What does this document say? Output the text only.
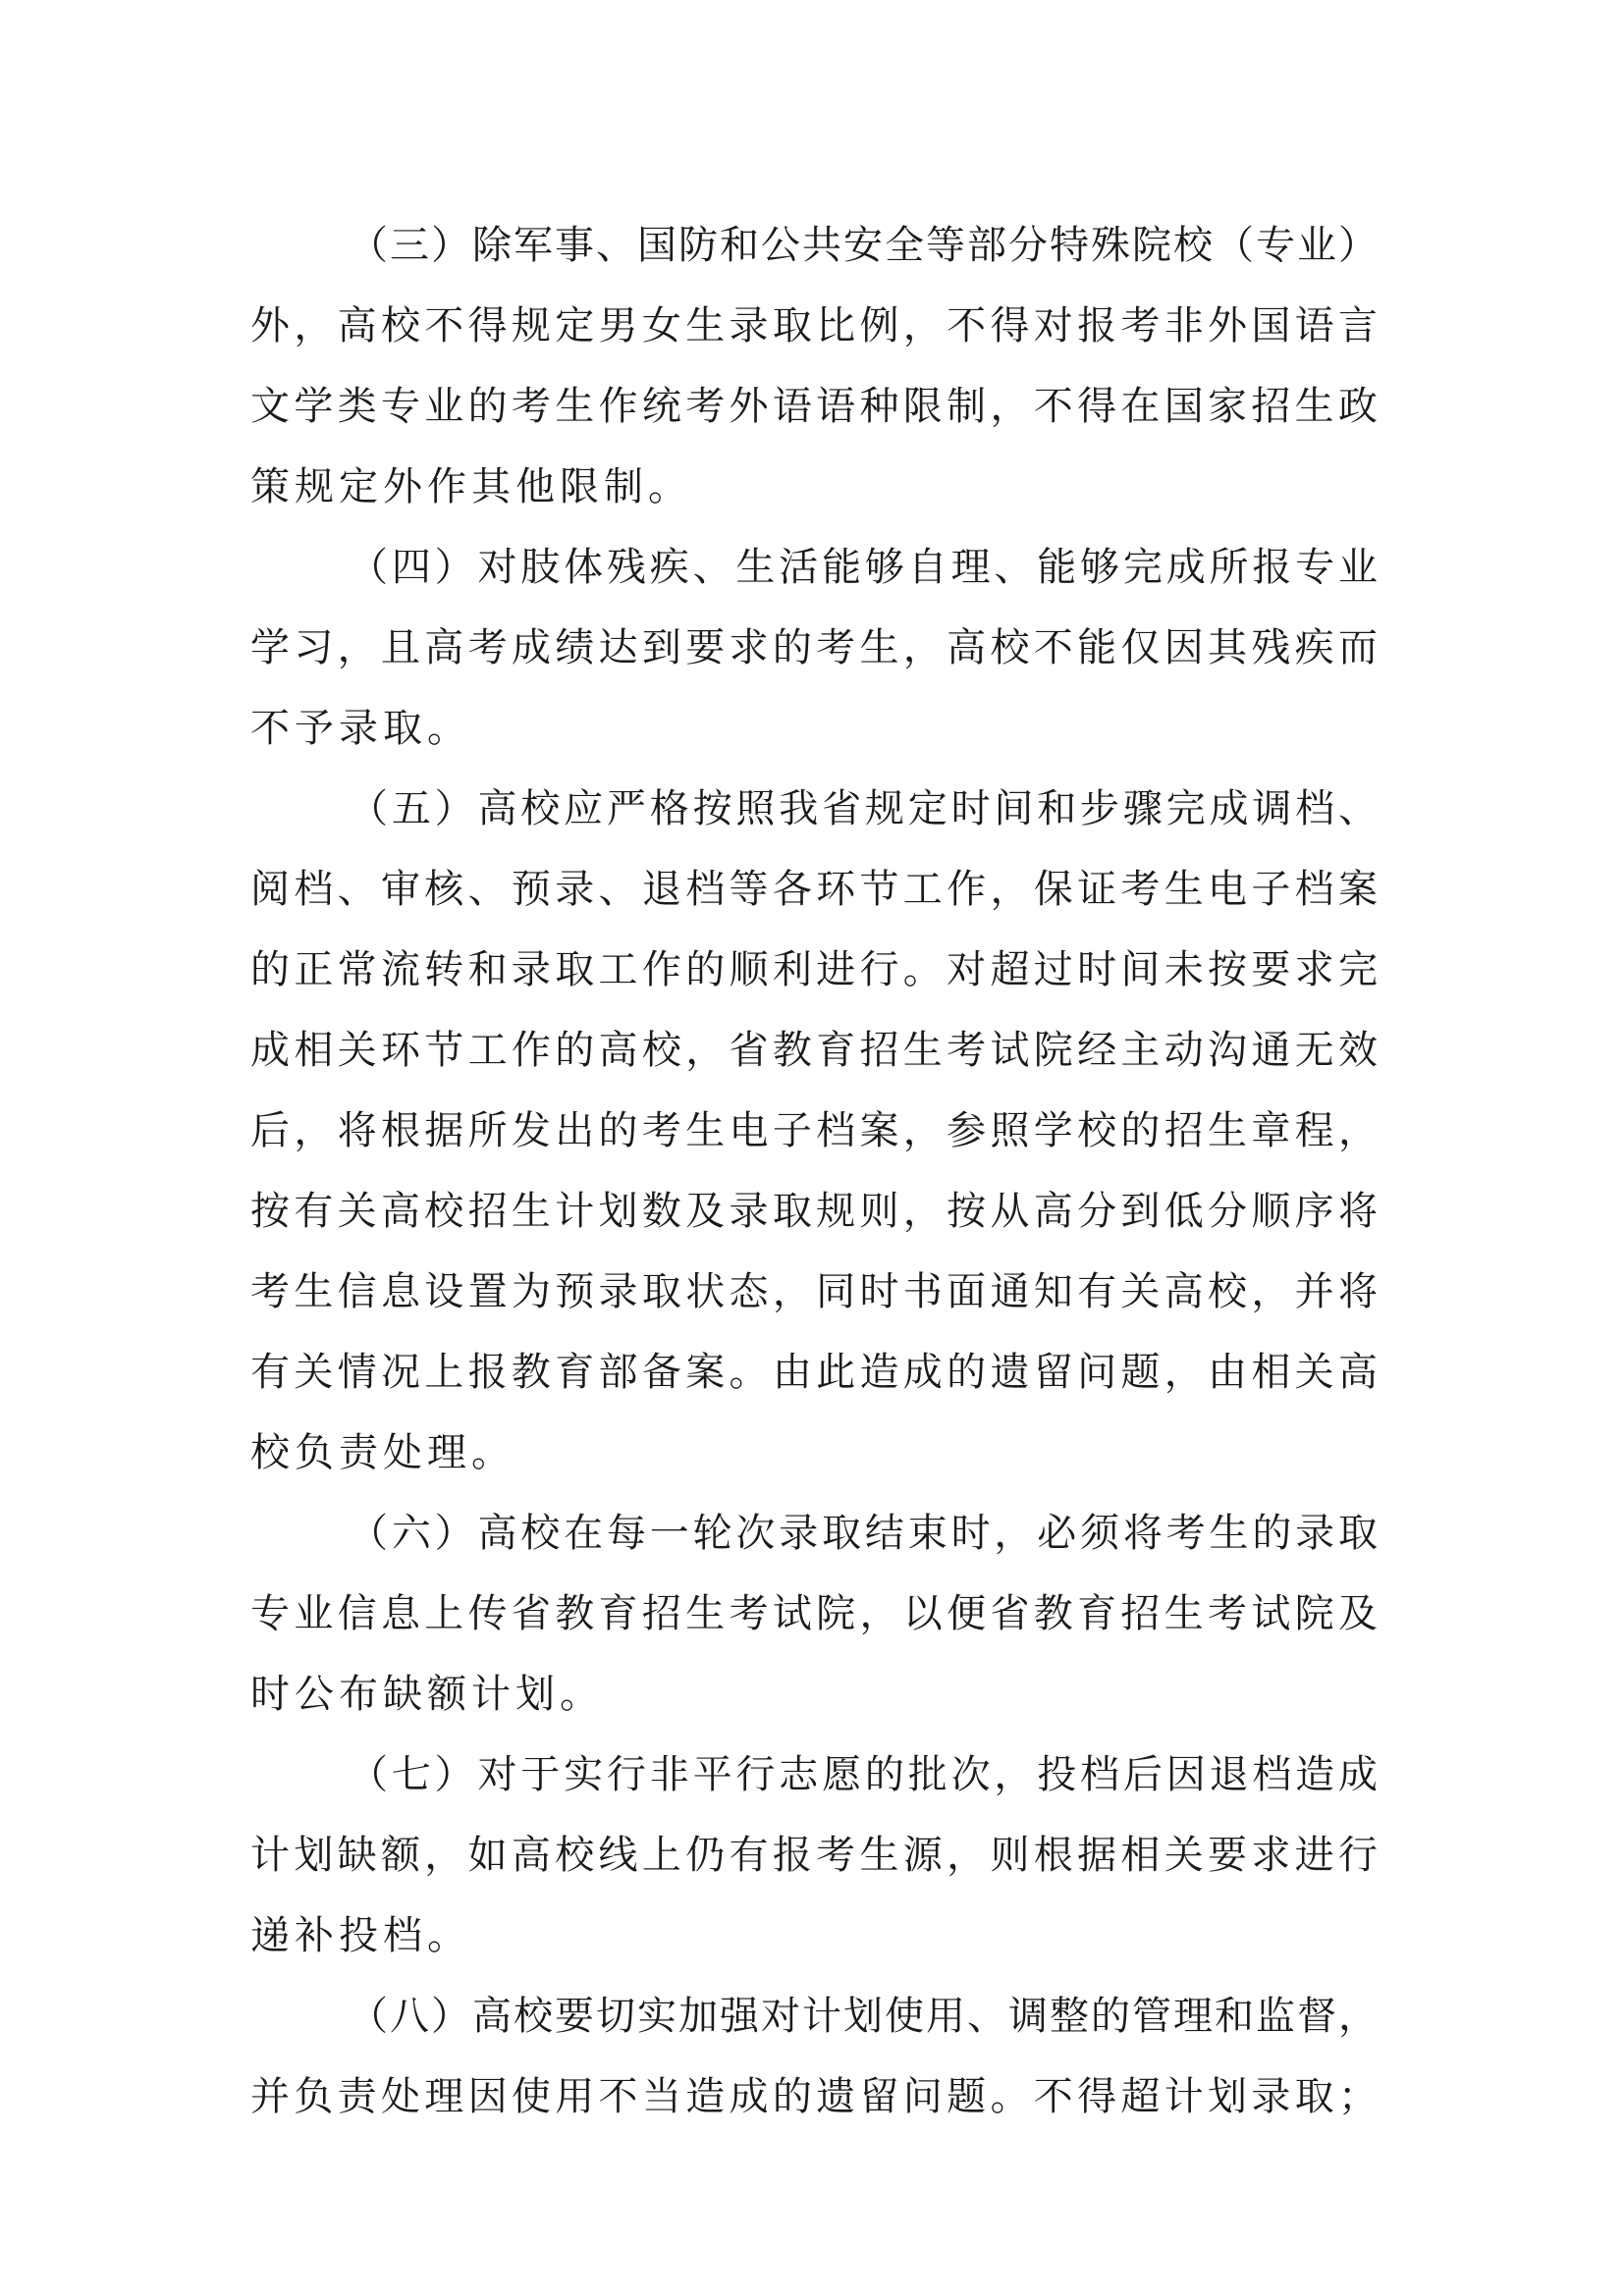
（三）除军事、国防和公共安全等部分特殊院校（专业）
外，高校不得规定男女生录取比例，不得对报考非外国语言
文学类专业的考生作统考外语语种限制，不得在国家招生政
策规定外作其他限制。
（四）对肢体残疾、生活能够自理、能够完成所报专业
学习，且高考成绩达到要求的考生，高校不能仅因其残疾而
不予录取。
（五）高校应严格按照我省规定时间和步骤完成调档、
阅档、审核、预录、退档等各环节工作，保证考生电子档案
的正常流转和录取工作的顺利进行。对超过时间未按要求完
成相关环节工作的高校，省教育招生考试院经主动沟通无效
后，将根据所发出的考生电子档案，参照学校的招生章程，
按有关高校招生计划数及录取规则，按从高分到低分顺序将
考生信息设置为预录取状态，同时书面通知有关高校，并将
有关情况上报教育部备案。由此造成的遗留问题，由相关高
校负责处理。
（六）高校在每一轮次录取结束时，必须将考生的录取
专业信息上传省教育招生考试院，以便省教育招生考试院及
时公布缺额计划。
（七）对于实行非平行志愿的批次，投档后因退档造成
计划缺额，如高校线上仍有报考生源，则根据相关要求进行
递补投档。
（八）高校要切实加强对计划使用、调整的管理和监督，
并负责处理因使用不当造成的遗留问题。不得超计划录取；
